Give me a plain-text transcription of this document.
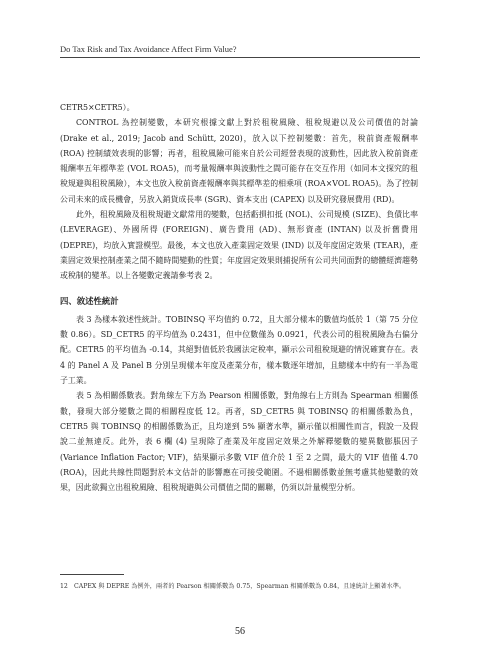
Do Tax Risk and Tax Avoidance Affect Firm Value?

CETR5×CETR5）。

CONTROL 為控制變數，本研究根據文獻上對於租稅風險、租稅規避以及公司價值的討論 (Drake et al., 2019; Jacob and Schütt, 2020)，放入以下控制變數：首先，稅前資產報酬率 (ROA) 控制績效表現的影響；再者，租稅風險可能來自於公司經營表現的波動性，因此放入稅前資產報酬率五年標準差 (VOL ROA5)，而考量報酬率與波動性之間可能存在交互作用（如同本文探究的租稅規避與租稅風險），本文也放入稅前資產報酬率與其標準差的相乘項 (ROA×VOL ROA5)。為了控制公司未來的成長機會，另放入銷貨成長率 (SGR)、資本支出 (CAPEX) 以及研究發展費用 (RD)。

此外，租稅風險及租稅規避文獻常用的變數，包括虧損扣抵 (NOL)、公司規模 (SIZE)、負債比率 (LEVERAGE)、外國所得 (FOREIGN)、廣告費用 (AD)、無形資產 (INTAN) 以及折舊費用 (DEPRE)，均放入實證模型。最後，本文也放入產業固定效果 (IND) 以及年度固定效果 (TEAR)，產業固定效果控制產業之間不隨時間變動的性質；年度固定效果則捕捉所有公司共同面對的總體經濟趨勢或稅制的變革。以上各變數定義請參考表 2。

四、敘述性統計

表 3 為樣本敘述性統計。TOBINSQ 平均值約 0.72，且大部分樣本的數值均低於 1（第 75 分位數 0.86）。SD_CETR5 的平均值為 0.2431，但中位數僅為 0.0921，代表公司的租稅風險為右偏分配。CETR5 的平均值為 -0.14，其絕對值低於我國法定稅率，顯示公司租稅規避的情況確實存在。表 4 的 Panel A 及 Panel B 分別呈現樣本年度及產業分布，樣本數逐年增加，且總樣本中約有一半為電子工業。

表 5 為相關係數表。對角線左下方為 Pearson 相關係數，對角線右上方則為 Spearman 相關係數，發現大部分變數之間的相關程度低 12。再者，SD_CETR5 與 TOBINSQ 的相關係數為負，CETR5 與 TOBINSQ 的相關係數為正，且均達到 5% 顯著水準，顯示僅以相關性而言，假說一及假說二並無違反。此外，表 6 欄 (4) 呈現除了產業及年度固定效果之外解釋變數的變異數膨脹因子 (Variance Inflation Factor; VIF)，結果顯示多數 VIF 值介於 1 至 2 之間，最大的 VIF 值僅 4.70 (ROA)，因此共線性問題對於本文估計的影響應在可接受範圍。不過相關係數並無考慮其他變數的效果，因此欲獨立出租稅風險、租稅規避與公司價值之間的關聯，仍須以計量模型分析。

12 CAPEX 與 DEPRE 為例外，兩者的 Pearson 相關係數為 0.75，Spearman 相關係數為 0.84，且達統計上顯著水準。
56
